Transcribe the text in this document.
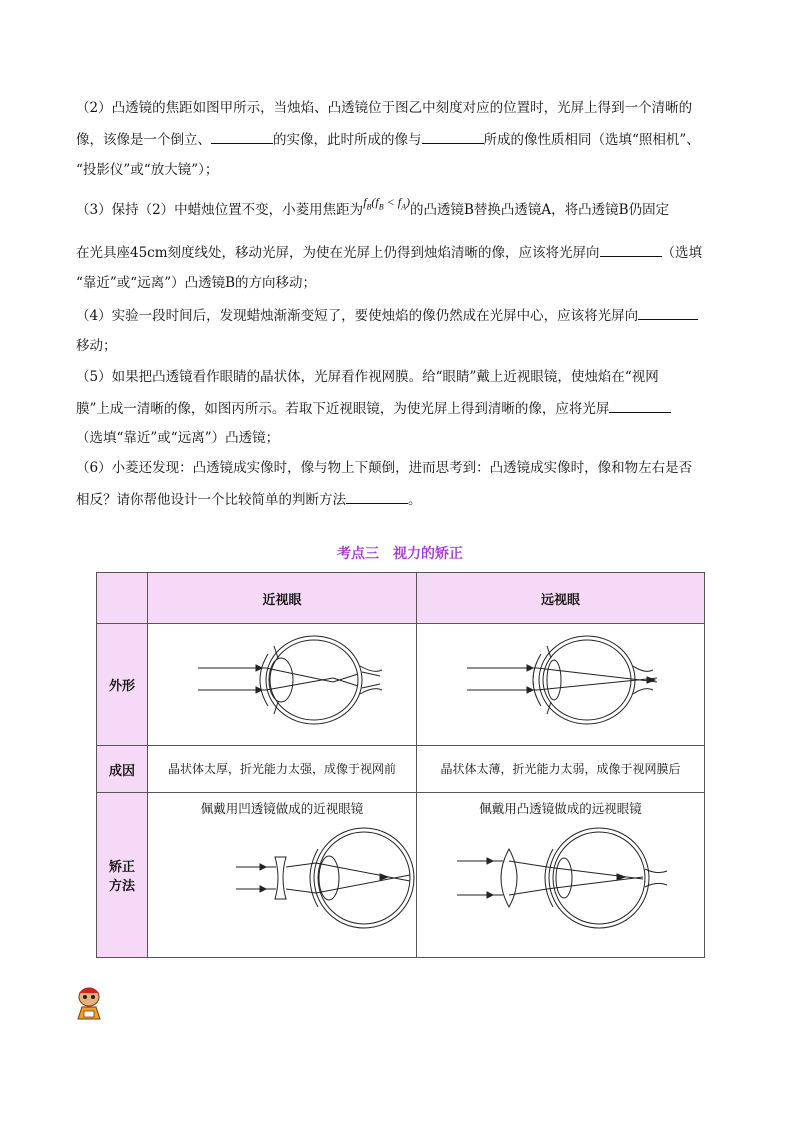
（2）凸透镜的焦距如图甲所示，当烛焰、凸透镜位于图乙中刻度对应的位置时，光屏上得到一个清晰的
像，该像是一个倒立、	的实像，此时所成的像与	所成的像性质相同（选填“照相机”、
“投影仪”或“放大镜”）；
（3）保持（2）中蜡烛位置不变，小菱用焦距为$f_B(f_B < f_A)$的凸透镜B替换凸透镜A，将凸透镜B仍固定
在光具座45cm刻度线处，移动光屏，为使在光屏上仍得到烛焰清晰的像，应该将光屏向	（选填
“靠近”或“远离”）凸透镜B的方向移动；
（4）实验一段时间后，发现蜡烛渐渐变短了，要使烛焰的像仍然成在光屏中心，应该将光屏向
移动；
（5）如果把凸透镜看作眼睛的晶状体，光屏看作视网膜。给“眼睛”戴上近视眼镜，使烛焰在“视网
膜”上成一清晰的像，如图丙所示。若取下近视眼镜，为使光屏上得到清晰的像，应将光屏
（选填“靠近”或“远离”）凸透镜；
（6）小菱还发现：凸透镜成实像时，像与物上下颠倒，进而思考到：凸透镜成实像时，像和物左右是否
相反？请你帮他设计一个比较简单的判断方法	。
考点三　视力的矫正
	近视眼	远视眼
外形		
成因	晶状体太厚，折光能力太强，成像于视网前	晶状体太薄，折光能力太弱，成像于视网膜后
矫正
方法	佩戴用凹透镜做成的近视眼镜	佩戴用凸透镜做成的远视眼镜
